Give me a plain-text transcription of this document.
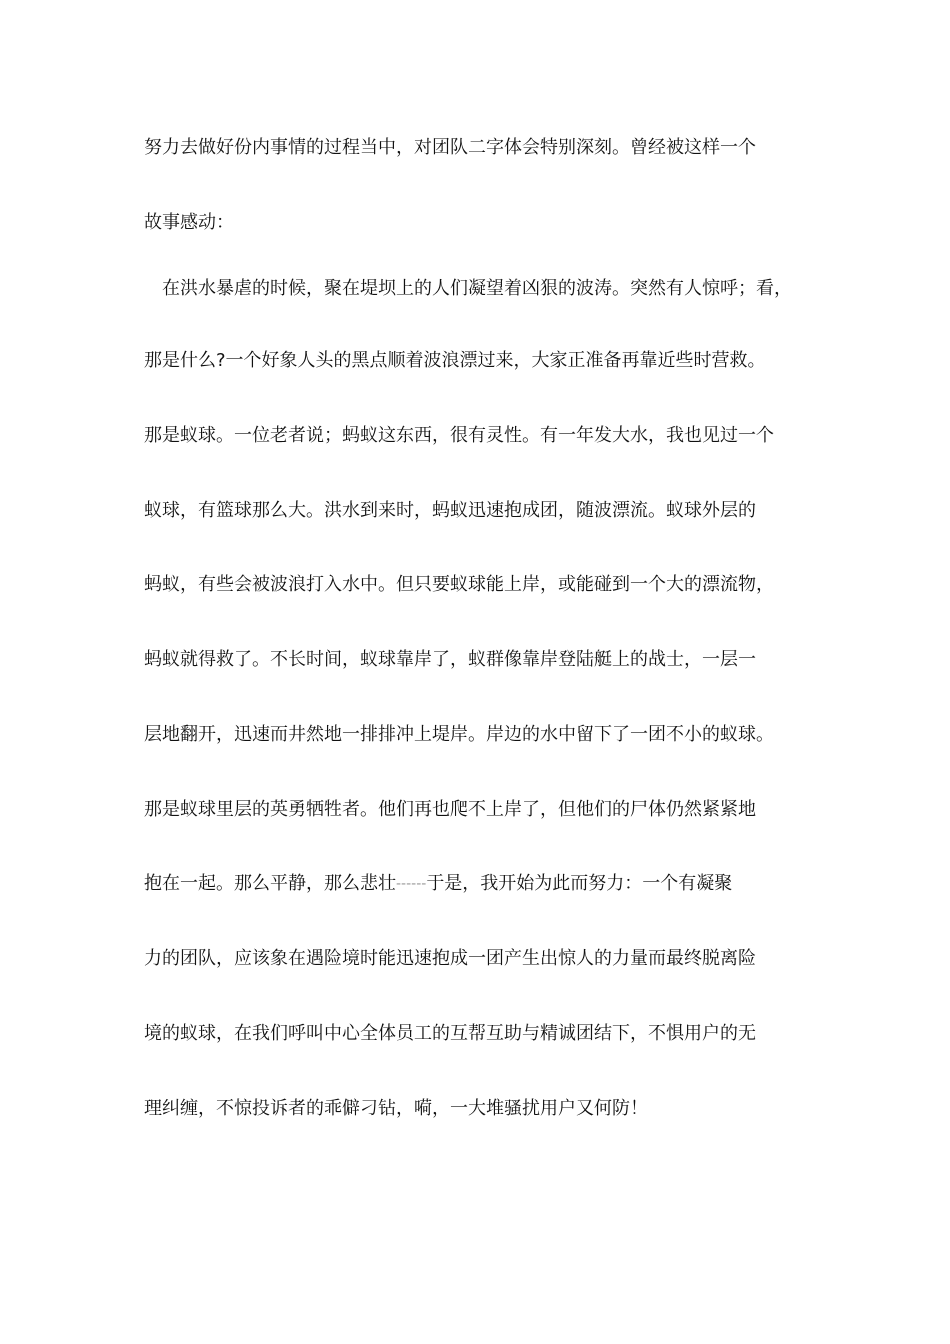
努力去做好份内事情的过程当中，对团队二字体会特别深刻。曾经被这样一个
故事感动：
在洪水暴虐的时候，聚在堤坝上的人们凝望着凶狠的波涛。突然有人惊呼；看，
那是什么?一个好象人头的黑点顺着波浪漂过来，大家正准备再靠近些时营救。
那是蚁球。一位老者说；蚂蚁这东西，很有灵性。有一年发大水，我也见过一个
蚁球，有篮球那么大。洪水到来时，蚂蚁迅速抱成团，随波漂流。蚁球外层的
蚂蚁，有些会被波浪打入水中。但只要蚁球能上岸，或能碰到一个大的漂流物，
蚂蚁就得救了。不长时间，蚁球靠岸了，蚁群像靠岸登陆艇上的战士，一层一
层地翻开，迅速而井然地一排排冲上堤岸。岸边的水中留下了一团不小的蚁球。
那是蚁球里层的英勇牺牲者。他们再也爬不上岸了，但他们的尸体仍然紧紧地
抱在一起。那么平静，那么悲壮------于是，我开始为此而努力：一个有凝聚
力的团队，应该象在遇险境时能迅速抱成一团产生出惊人的力量而最终脱离险
境的蚁球，在我们呼叫中心全体员工的互帮互助与精诚团结下，不惧用户的无
理纠缠，不惊投诉者的乖僻刁钻，嗬，一大堆骚扰用户又何防！
